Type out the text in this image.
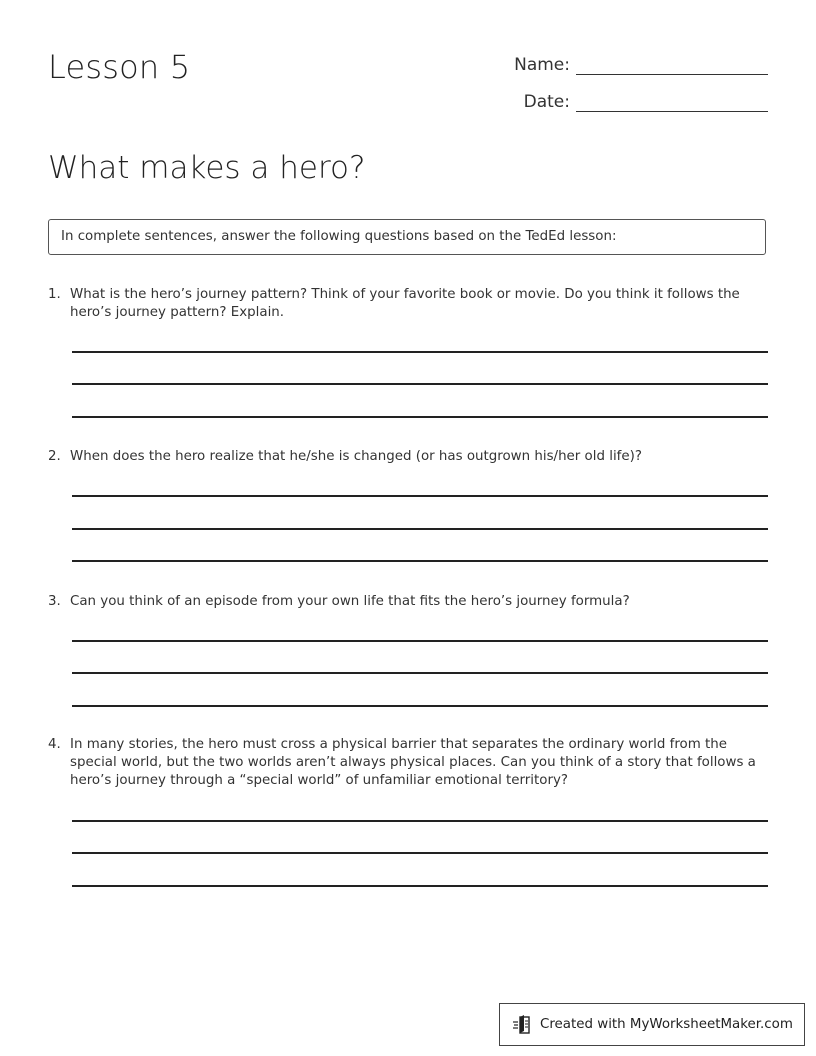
Lesson 5	Name:
Date:
What makes a hero?
In complete sentences, answer the following questions based on the TedEd lesson:
1. What is the hero’s journey pattern? Think of your favorite book or movie. Do you think it follows the hero’s journey pattern? Explain.
2. When does the hero realize that he/she is changed (or has outgrown his/her old life)?
3. Can you think of an episode from your own life that fits the hero’s journey formula?
4. In many stories, the hero must cross a physical barrier that separates the ordinary world from the special world, but the two worlds aren’t always physical places. Can you think of a story that follows a hero’s journey through a “special world” of unfamiliar emotional territory?
Created with MyWorksheetMaker.com
